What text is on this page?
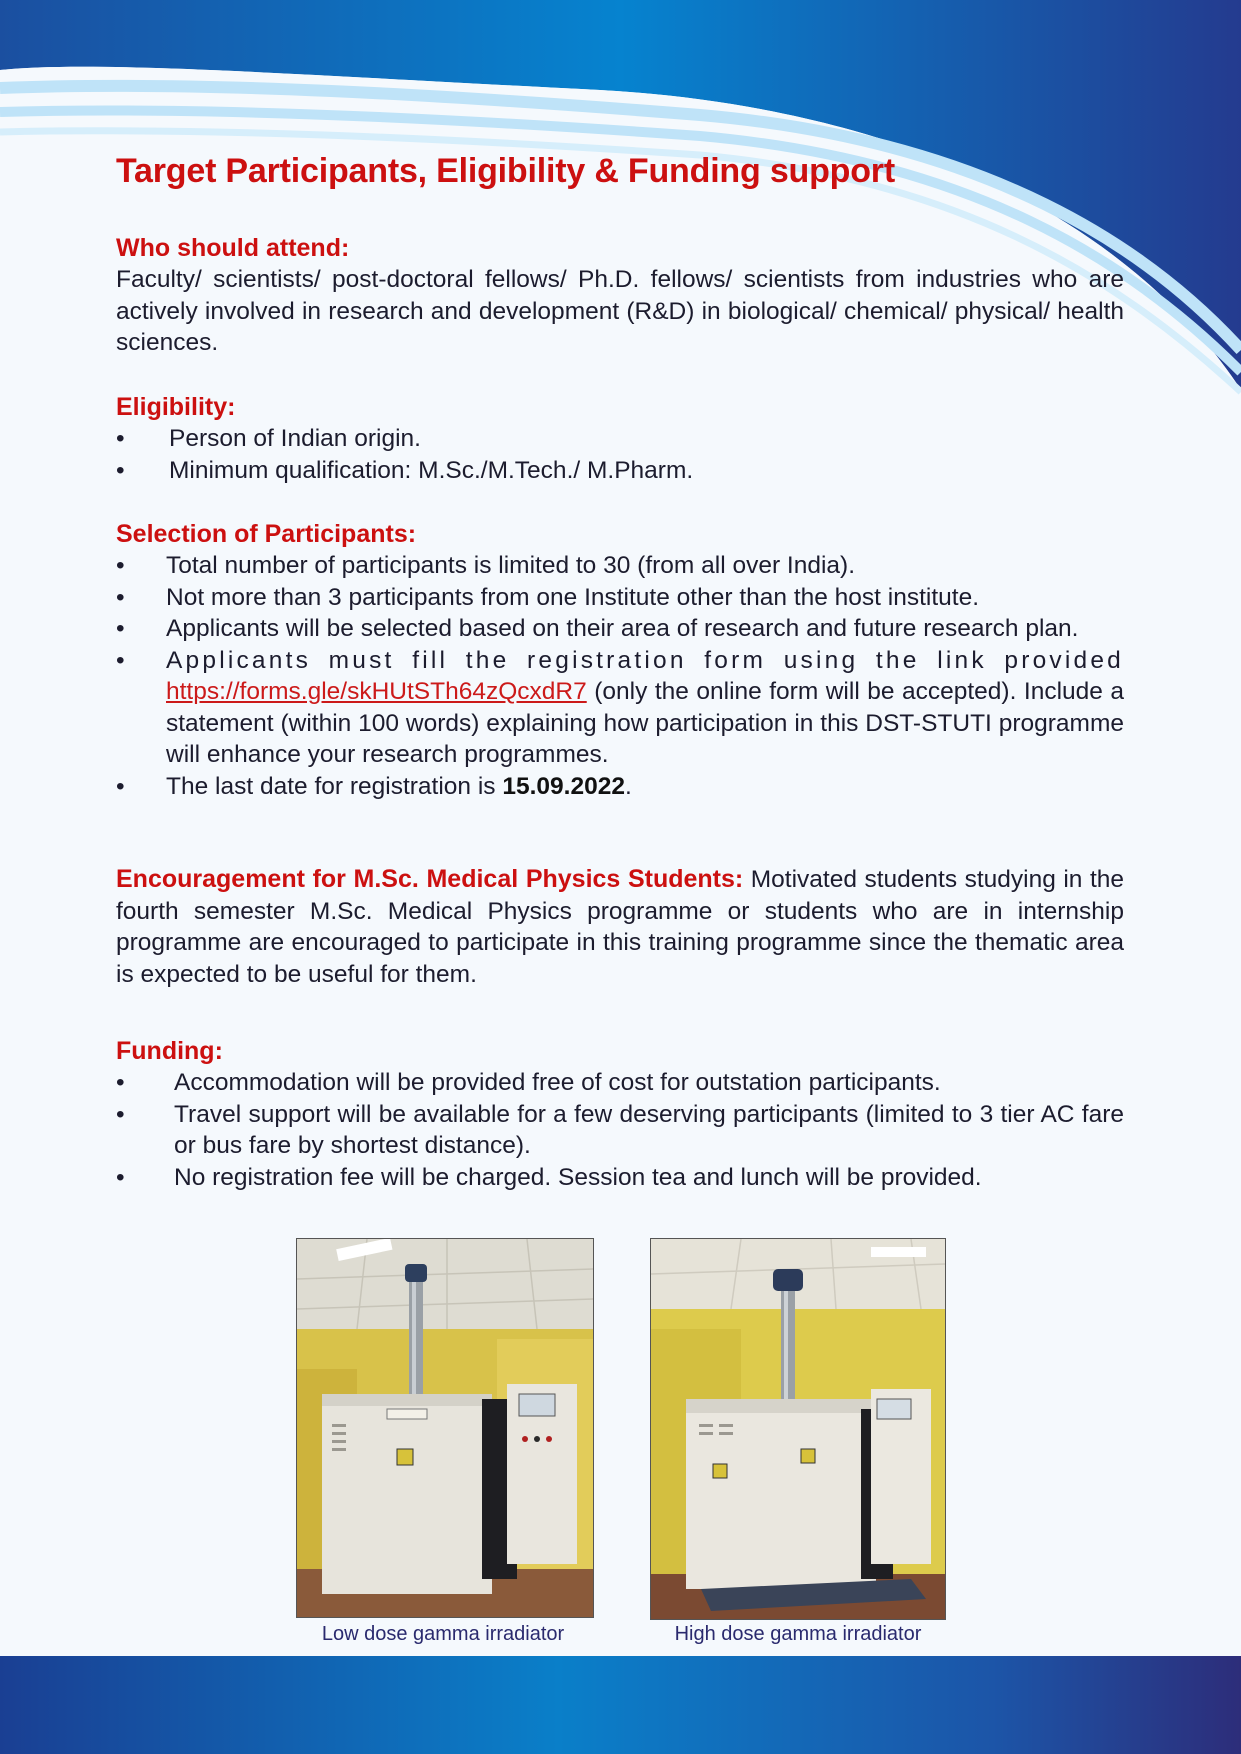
Target Participants, Eligibility & Funding support
Who should attend:
Faculty/ scientists/ post-doctoral fellows/ Ph.D. fellows/ scientists from industries who are actively involved in research and development (R&D) in biological/ chemical/ physical/ health sciences.
Eligibility:
• Person of Indian origin.
• Minimum qualification: M.Sc./M.Tech./ M.Pharm.
Selection of Participants:
• Total number of participants is limited to 30 (from all over India).
• Not more than 3 participants from one Institute other than the host institute.
• Applicants will be selected based on their area of research and future research plan.
• Applicants must fill the registration form using the link provided https://forms.gle/skHUtSTh64zQcxdR7 (only the online form will be accepted). Include a statement (within 100 words) explaining how participation in this DST-STUTI programme will enhance your research programmes.
• The last date for registration is 15.09.2022.
Encouragement for M.Sc. Medical Physics Students: Motivated students studying in the fourth semester M.Sc. Medical Physics programme or students who are in internship programme are encouraged to participate in this training programme since the thematic area is expected to be useful for them.
Funding:
• Accommodation will be provided free of cost for outstation participants.
• Travel support will be available for a few deserving participants (limited to 3 tier AC fare or bus fare by shortest distance).
• No registration fee will be charged. Session tea and lunch will be provided.
Low dose gamma irradiator	High dose gamma irradiator
